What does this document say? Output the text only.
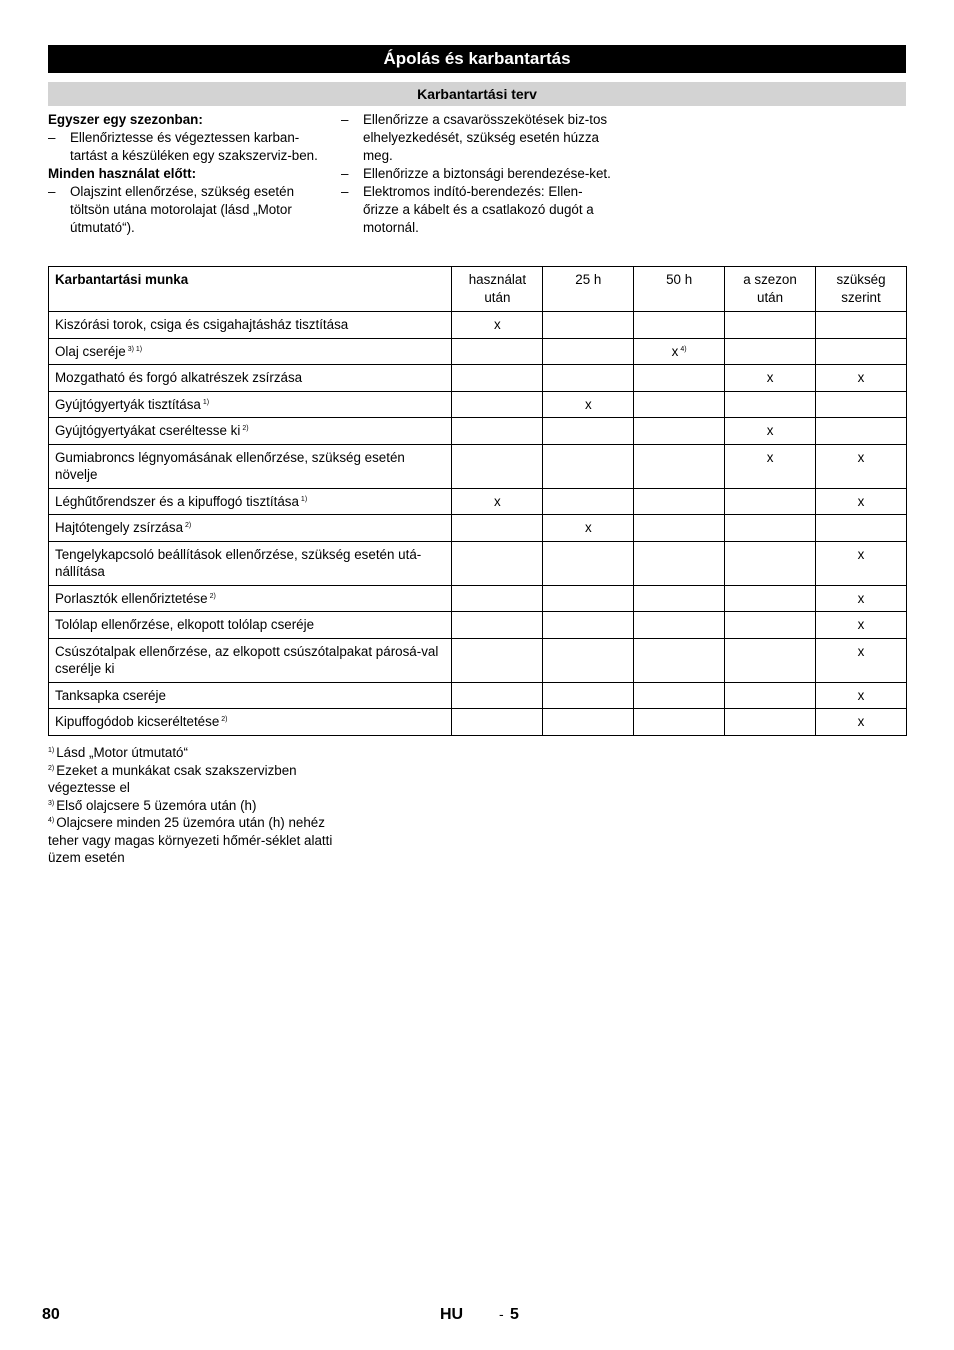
Ápolás és karbantartás
Karbantartási terv
Egyszer egy szezonban:
– Ellenőriztesse és végeztessen karban-tartást a készüléken egy szakszerviz-ben.
Minden használat előtt:
– Olajszint ellenőrzése, szükség esetén töltsön utána motorolajat (lásd „Motor útmutató“).
– Ellenőrizze a csavarösszekötések biz-tos elhelyezkedését, szükség esetén húzza meg.
– Ellenőrizze a biztonsági berendezése-ket.
– Elektromos indító-berendezés: Ellen-őrizze a kábelt és a csatlakozó dugót a motornál.
Karbantartási munka	használat után	25 h	50 h	a szezon után	szükség szerint
Kiszórási torok, csiga és csigahajtásház tisztítása	x				
Olaj cseréje $^{3) 1)}$			x $^{4)}$		
Mozgatható és forgó alkatrészek zsírzása				x	x
Gyújtógyertyák tisztítása $^{1)}$		x			
Gyújtógyertyákat cseréltesse ki $^{2)}$				x	
Gumiabroncs légnyomásának ellenőrzése, szükség esetén növelje				x	x
Léghűtőrendszer és a kipuffogó tisztítása $^{1)}$	x				x
Hajtótengely zsírzása $^{2)}$		x			
Tengelykapcsoló beállítások ellenőrzése, szükség esetén utá-nállítása					x
Porlasztók ellenőriztetése $^{2)}$					x
Tolólap ellenőrzése, elkopott tolólap cseréje					x
Csúszótalpak ellenőrzése, az elkopott csúszótalpakat párosá-val cserélje ki					x
Tanksapka cseréje					x
Kipuffogódob kicseréltetése $^{2)}$					x
$^{1)}$ Lásd „Motor útmutató“
$^{2)}$ Ezeket a munkákat csak szakszervizben végeztesse el
$^{3)}$ Első olajcsere 5 üzemóra után (h)
$^{4)}$ Olajcsere minden 25 üzemóra után (h) nehéz teher vagy magas környezeti hőmér-séklet alatti üzem esetén
80	HU	- 5
